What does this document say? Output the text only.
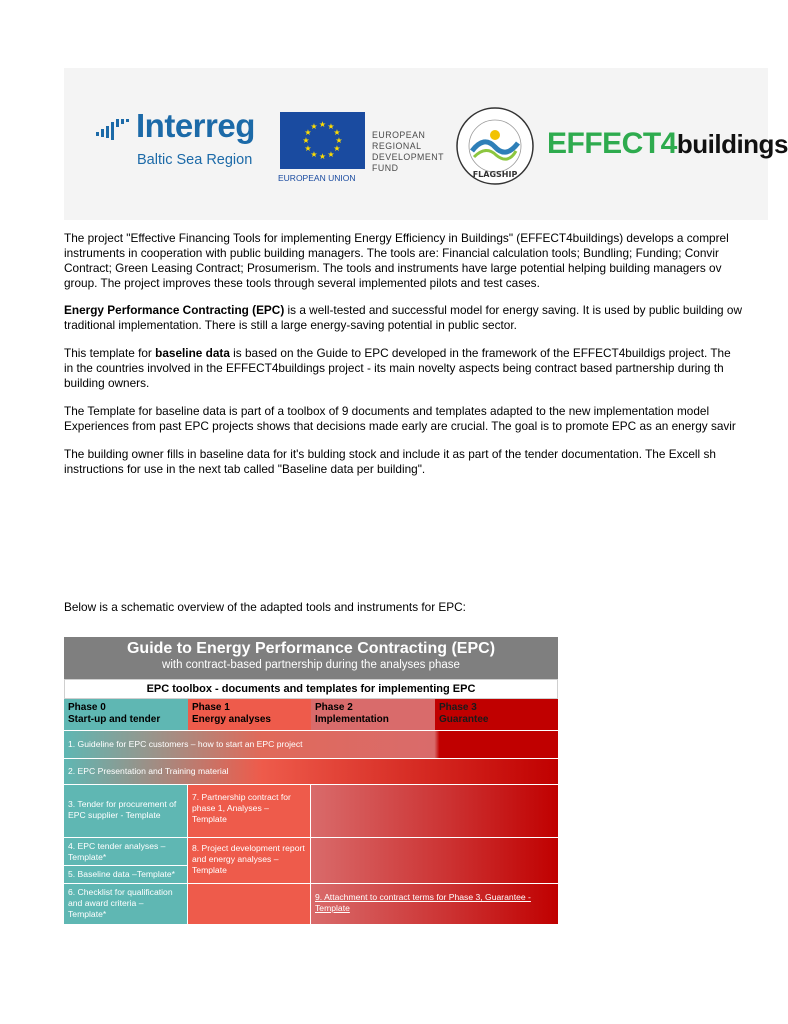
Interreg
Baltic Sea Region
★ ★
★
★
★
★
★
★
★
★
★
★
EUROPEAN UNION
EUROPEAN
REGIONAL
DEVELOPMENT
FUND
FLAGSHIP
EFFECT4buildings
The project "Effective Financing Tools for implementing Energy Efficiency in Buildings" (EFFECT4buildings) develops a comprel
instruments in cooperation with public building managers. The tools are: Financial calculation tools; Bundling; Funding; Convir
Contract; Green Leasing Contract; Prosumerism. The tools and instruments have large potential helping building managers ov
group. The project improves these tools through several implemented pilots and test cases.
Energy Performance Contracting (EPC) is a well-tested and successful model for energy saving. It is used by public building ow
traditional implementation. There is still a large energy-saving potential in public sector.
This template for baseline data is based on the Guide to EPC developed in the framework of the EFFECT4buildigs project. The
in the countries involved in the EFFECT4buildings project - its main novelty aspects being contract based partnership during th
building owners.
The Template for baseline data is part of a toolbox of 9 documents and templates adapted to the new implementation model
Experiences from past EPC projects shows that decisions made early are crucial. The goal is to promote EPC as an energy savir
The building owner fills in baseline data for it's bulding stock and include it as part of the tender documentation. The Excell sh
instructions for use in the next tab called "Baseline data per building".
Below is a schematic overview of the adapted tools and instruments for EPC:
Guide to Energy Performance Contracting (EPC)
with contract-based partnership during the analyses phase
EPC toolbox - documents and templates for implementing EPC
Phase 0
Start-up and tender
Phase 1
Energy analyses
Phase 2
Implementation
Phase 3
Guarantee
1. Guideline for EPC customers – how to start an EPC project
2. EPC Presentation and Training material
3. Tender for procurement of EPC supplier - Template
4. EPC tender analyses – Template*
5. Baseline data –Template*
6. Checklist for qualification and award criteria – Template*
7. Partnership contract for phase 1, Analyses – Template
8. Project development report and energy analyses – Template
9. Attachment to contract terms for Phase 3, Guarantee - Template
